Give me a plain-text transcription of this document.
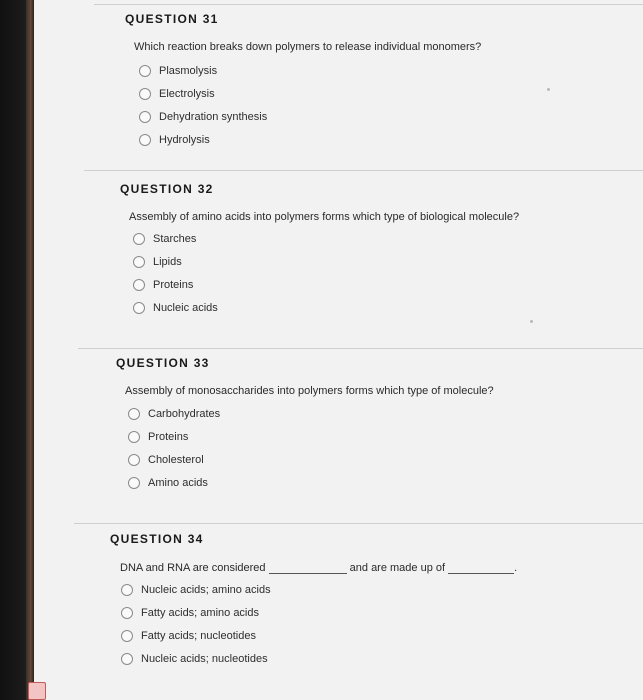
QUESTION 31
Which reaction breaks down polymers to release individual monomers?
Plasmolysis
Electrolysis
Dehydration synthesis
Hydrolysis
QUESTION 32
Assembly of amino acids into polymers forms which type of biological molecule?
Starches
Lipids
Proteins
Nucleic acids
QUESTION 33
Assembly of monosaccharides into polymers forms which type of molecule?
Carbohydrates
Proteins
Cholesterol
Amino acids
QUESTION 34
DNA and RNA are considered	and are made up of	.
Nucleic acids; amino acids
Fatty acids; amino acids
Fatty acids; nucleotides
Nucleic acids; nucleotides
